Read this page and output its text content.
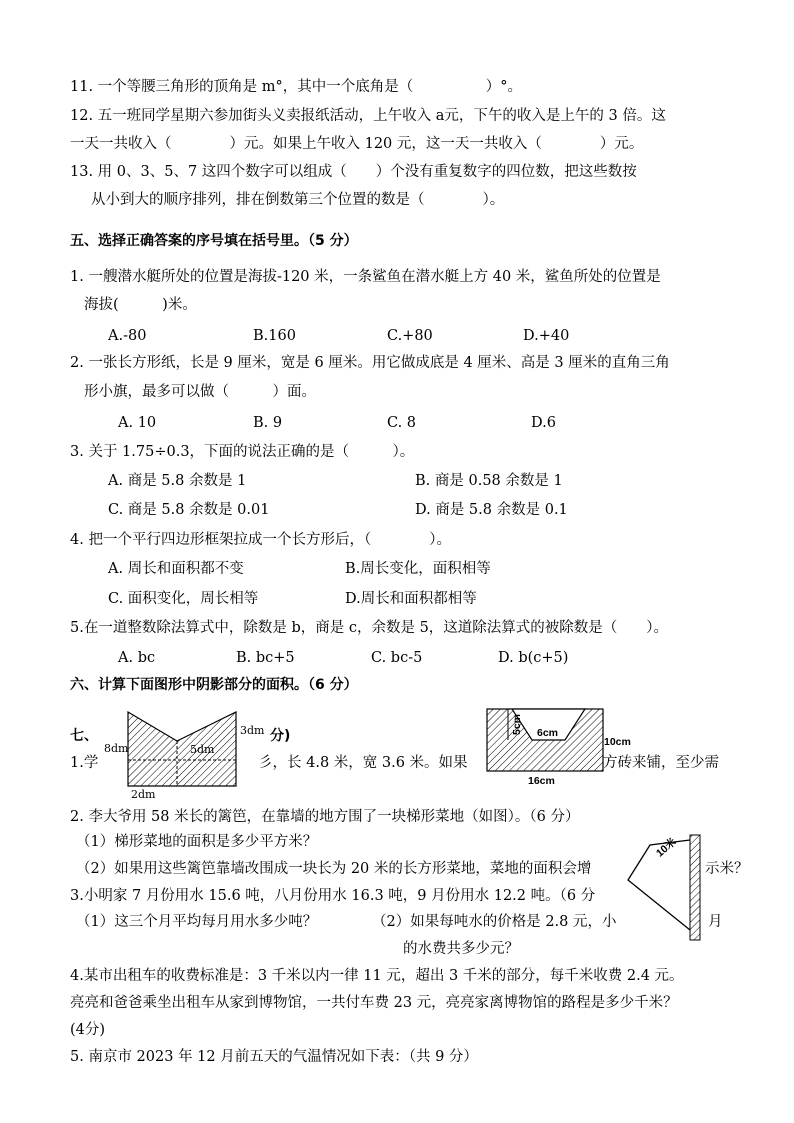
11. 一个等腰三角形的顶角是 m°，其中一个底角是（　　　　　）°。
12. 五一班同学星期六参加街头义卖报纸活动，上午收入 a元，下午的收入是上午的 3 倍。这
一天一共收入（　　　　）元。如果上午收入 120 元，这一天一共收入（　　　　）元。
13. 用 0、3、5、7 这四个数字可以组成（　　）个没有重复数字的四位数，把这些数按
从小到大的顺序排列，排在倒数第三个位置的数是（　　　　）。
五、选择正确答案的序号填在括号里。（5 分）
1. 一艘潜水艇所处的位置是海拔-120 米，一条鲨鱼在潜水艇上方 40 米，鲨鱼所处的位置是
海拔(　　　)米。
A.-80	B.160	C.+80	D.+40
2. 一张长方形纸，长是 9 厘米，宽是 6 厘米。用它做成底是 4 厘米、高是 3 厘米的直角三角
形小旗，最多可以做（　　　）面。
A. 10	B. 9	C. 8	D.6
3. 关于 1.75÷0.3，下面的说法正确的是（　　　）。
A. 商是 5.8 余数是 1	B. 商是 0.58 余数是 1
C. 商是 5.8 余数是 0.01	D. 商是 5.8 余数是 0.1
4. 把一个平行四边形框架拉成一个长方形后，（　　　　）。
A. 周长和面积都不变	B.周长变化，面积相等
C. 面积变化，周长相等	D.周长和面积都相等
5.在一道整数除法算式中，除数是 b，商是 c，余数是 5，这道除法算式的被除数是（　　）。
A. bc	B. bc+5	C. bc-5	D. b(c+5)
六、计算下面图形中阴影部分的面积。（6 分）
3dm
8dm	5dm
2dm
5cm 6cm
10cm
16cm
七、	分)
1.学	彡，长 4.8 米，宽 3.6 米。如果	方砖来铺，至少需
2. 李大爷用 58 米长的篱笆，在靠墙的地方围了一块梯形菜地（如图）。（6 分）
（1）梯形菜地的面积是多少平方米？
（2）如果用这些篱笆靠墙改围成一块长为 20 米的长方形菜地，菜地的面积会增	示米？
10米
3.小明家 7 月份用水 15.6 吨，八月份用水 16.3 吨，9 月份用水 12.2 吨。（6 分
（1）这三个月平均每月用水多少吨？	（2）如果每吨水的价格是 2.8 元，小	月
的水费共多少元？
4.某市出租车的收费标准是：3 千米以内一律 11 元，超出 3 千米的部分，每千米收费 2.4 元。
亮亮和爸爸乘坐出租车从家到博物馆，一共付车费 23 元，亮亮家离博物馆的路程是多少千米？
(4分)
5. 南京市 2023 年 12 月前五天的气温情况如下表：（共 9 分）
